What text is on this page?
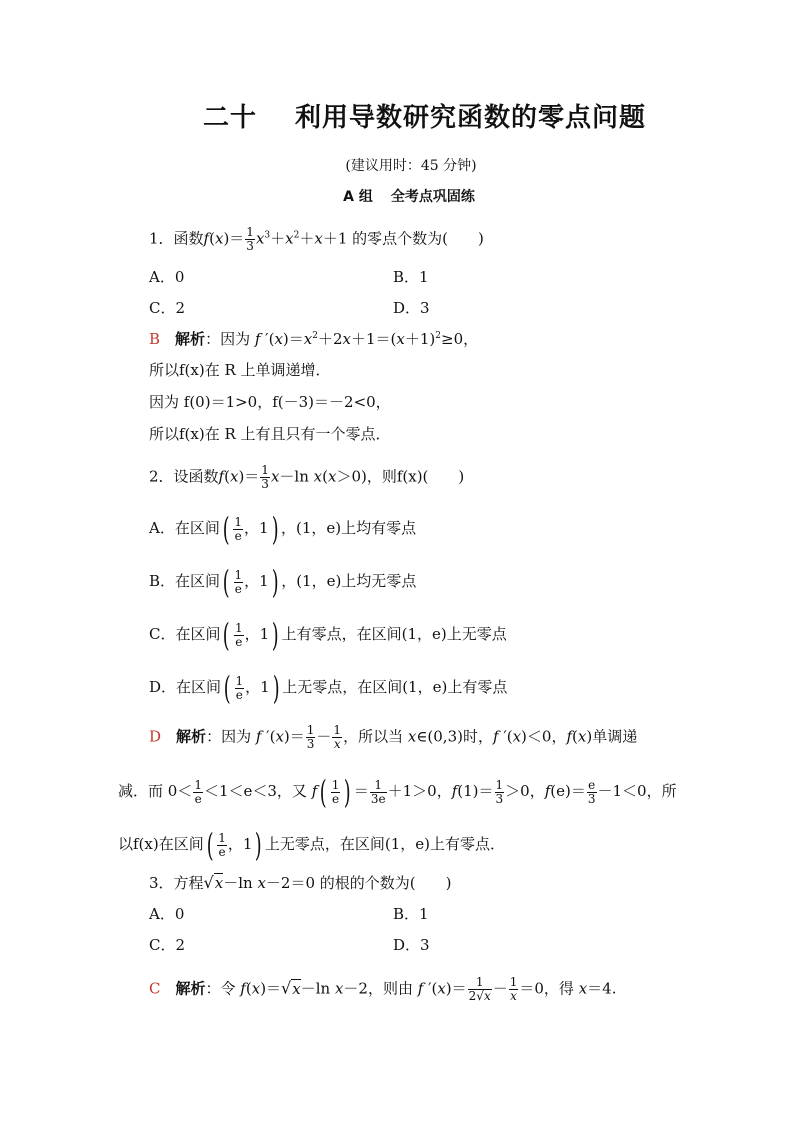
二十 利用导数研究函数的零点问题
(建议用时：45 分钟)
A 组 全考点巩固练
1．函数$f(x)= \frac{1}{3} x^3+x^2+x+1$ 的零点个数为(　　)
A．0	B．1
C．2	D．3
B　 解析：因为 f $'(x)=x^2+2x+1=(x+1)^2\ge 0$，
所以f(x)在 R 上单调递增．
因为 f(0)＝1>0，f(－3)＝－2<0，
所以f(x)在 R 上有且只有一个零点．
2．设函数$f(x)= \frac{1}{3} x-\ln$ x(x＞0)，则f(x)(　　)
A．在区间( $\frac{1}{e}$ ，1) ，(1，e)上均有零点
B．在区间( $\frac{1}{e}$ ，1) ，(1，e)上均无零点
C．在区间( $\frac{1}{e}$ ，1) 上有零点，在区间(1，e)上无零点
D．在区间( $\frac{1}{e}$ ，1) 上无零点，在区间(1，e)上有零点
D　 解析：因为 f $'(x)= \frac{1}{3} - \frac{1}{x}$ ，所以当 x∈(0,3)时，f ′(x)＜0，f(x)单调递
减．而 $0< \frac{1}{e} <1<e<3$，又 $f( \frac{1}{e}$ ) ＝ $\frac{1}{3e} +1>0$，$f(1)= \frac{1}{3} >0$，$f(e)= \frac{e}{3} -1<0$，所
以f(x)在区间( $\frac{1}{e}$ ，1) 上无零点，在区间(1，e)上有零点．
3．方程√x－ln x－2＝0 的根的个数为(　　)
A．0	B．1
C．2	D．3
C　 解析：令 f(x)＝√x－ln x－2，则由 f $'(x)= \frac{1}{2√x} - \frac{1}{x} =0$，得 x＝4.
